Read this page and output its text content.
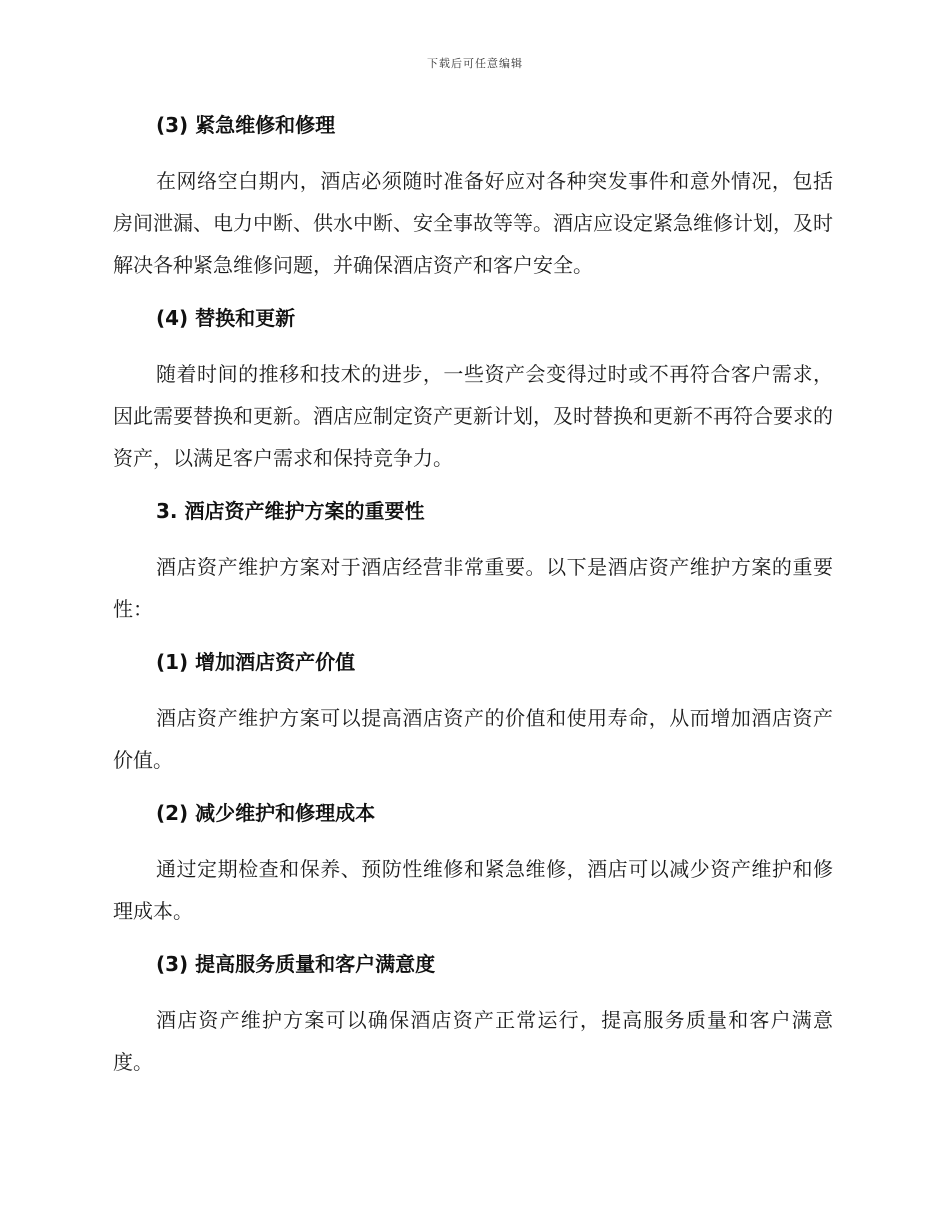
下载后可任意编辑

(3) 紧急维修和修理

在网络空白期内，酒店必须随时准备好应对各种突发事件和意外情况，包括房间泄漏、电力中断、供水中断、安全事故等等。酒店应设定紧急维修计划，及时解决各种紧急维修问题，并确保酒店资产和客户安全。

(4) 替换和更新

随着时间的推移和技术的进步，一些资产会变得过时或不再符合客户需求，因此需要替换和更新。酒店应制定资产更新计划，及时替换和更新不再符合要求的资产，以满足客户需求和保持竞争力。

3. 酒店资产维护方案的重要性

酒店资产维护方案对于酒店经营非常重要。以下是酒店资产维护方案的重要性：

(1) 增加酒店资产价值

酒店资产维护方案可以提高酒店资产的价值和使用寿命，从而增加酒店资产价值。

(2) 减少维护和修理成本

通过定期检查和保养、预防性维修和紧急维修，酒店可以减少资产维护和修理成本。

(3) 提高服务质量和客户满意度

酒店资产维护方案可以确保酒店资产正常运行，提高服务质量和客户满意度。
